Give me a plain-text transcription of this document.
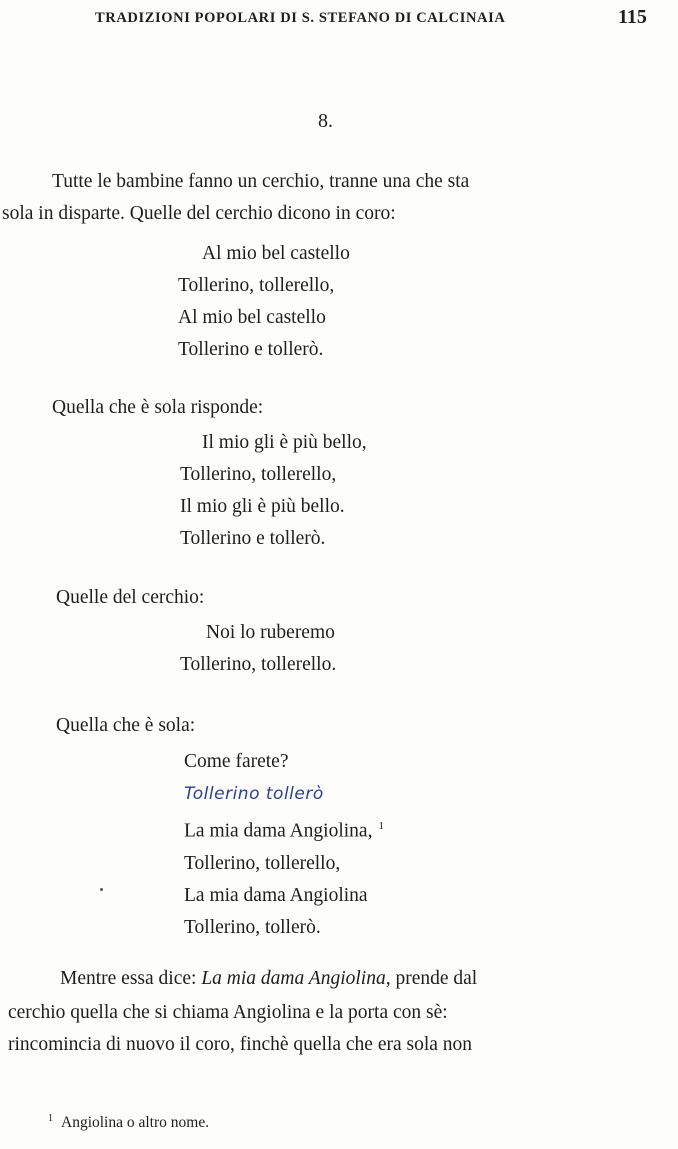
TRADIZIONI POPOLARI DI S. STEFANO DI CALCINAIA	115
8.

Tutte le bambine fanno un cerchio, tranne una che sta

sola in disparte. Quelle del cerchio dicono in coro:

Al mio bel castello
Tollerino, tollerello,
Al mio bel castello
Tollerino e tollerò.

Quella che è sola risponde:

Il mio gli è più bello,
Tollerino, tollerello,
Il mio gli è più bello.
Tollerino e tollerò.

Quelle del cerchio:

Noi lo ruberemo
Tollerino, tollerello.

Quella che è sola:

Come farete?
Tollerino tollerò
La mia dama Angiolina, $^1$
Tollerino, tollerello,
La mia dama Angiolina
Tollerino, tollerò.

Mentre essa dice: La mia dama Angiolina, prende dal

cerchio quella che si chiama Angiolina e la porta con sè:

rincomincia di nuovo il coro, finchè quella che era sola non

$^1$ Angiolina o altro nome.
